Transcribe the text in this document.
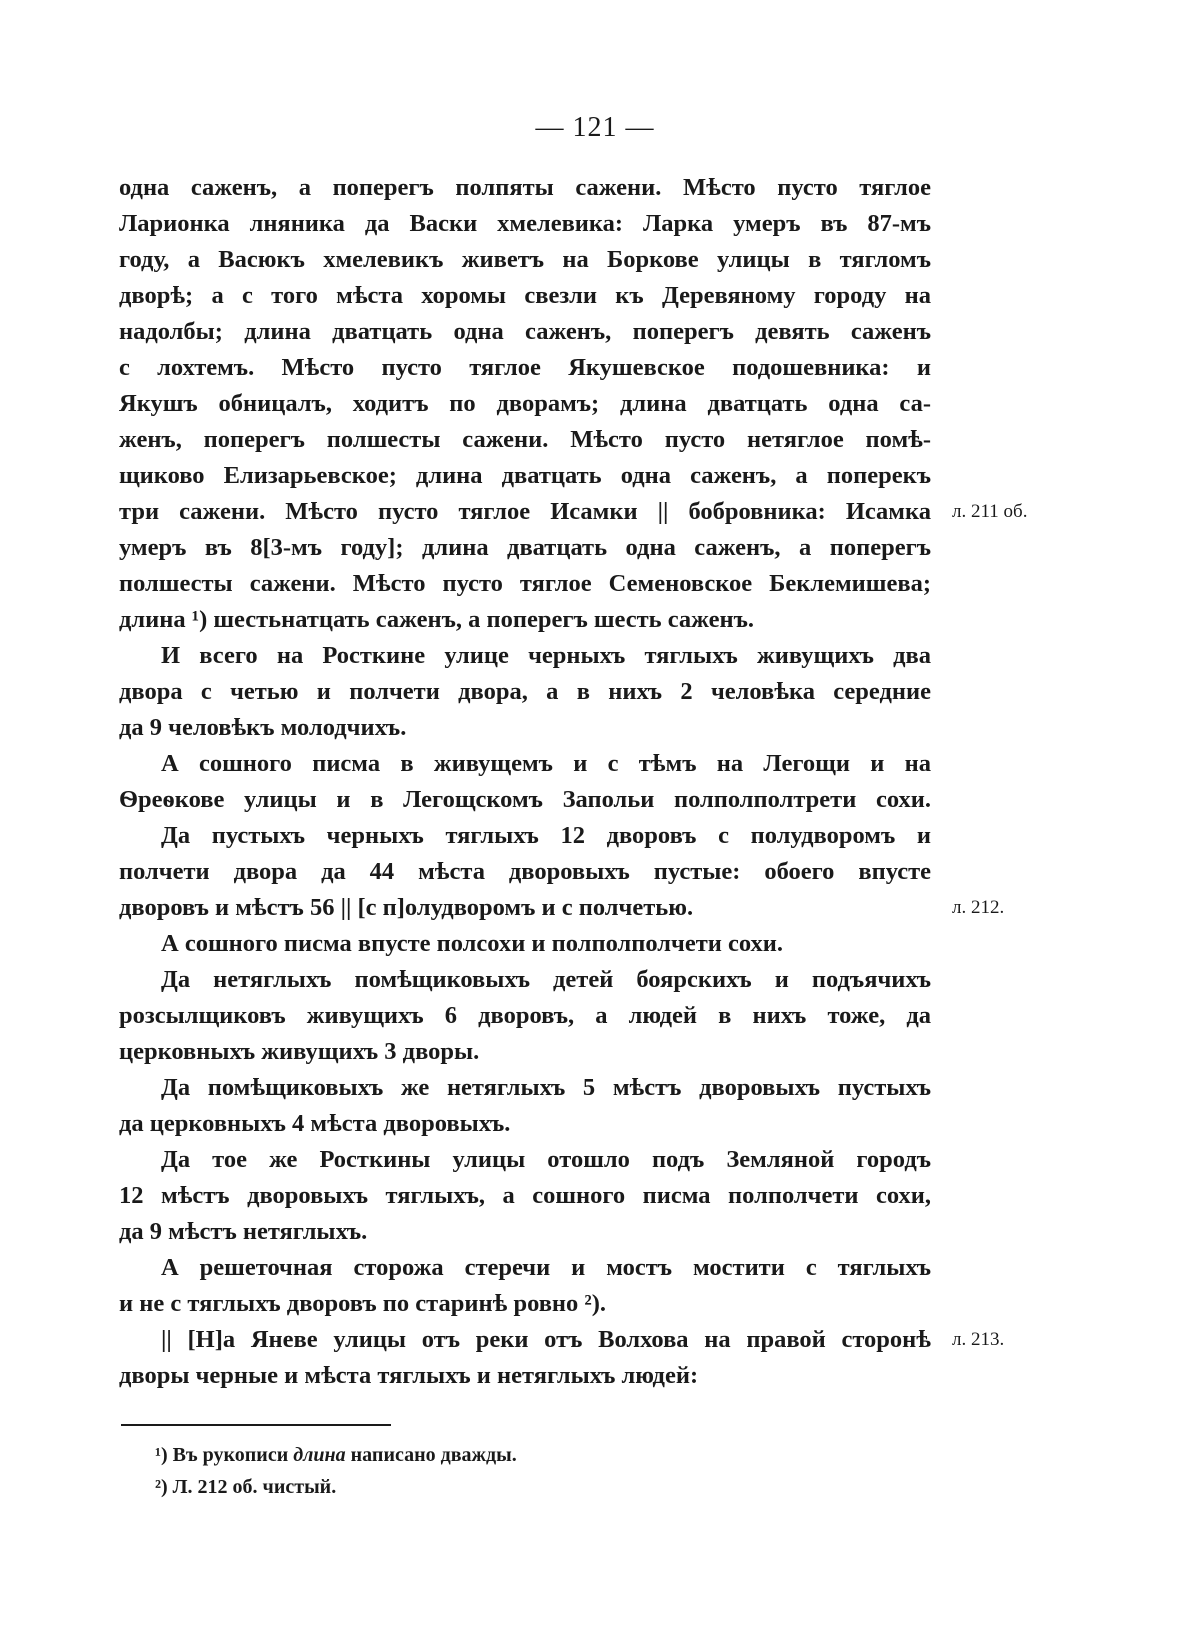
— 121 —
одна саженъ, а поперегъ полпяты сажени. Мѣсто пусто тяглое
Ларионка лняника да Васки хмелевика: Ларка умеръ въ 87-мъ
году, а Васюкъ хмелевикъ живетъ на Боркове улицы в тягломъ
дворѣ; а с того мѣста хоромы свезли къ Деревяному городу на
надолбы; длина дватцать одна саженъ, поперегъ девять саженъ
с лохтемъ. Мѣсто пусто тяглое Якушевское подошевника: и
Якушъ обницалъ, ходитъ по дворамъ; длина дватцать одна са-
женъ, поперегъ полшесты сажени. Мѣсто пусто нетяглое помѣ-
щиково Елизарьевское; длина дватцать одна саженъ, а поперекъ
три сажени. Мѣсто пусто тяглое Исамки || бобровника: Исамка л. 211 об.
умеръ въ 8[3-мъ году]; длина дватцать одна саженъ, а поперегъ
полшесты сажени. Мѣсто пусто тяглое Семеновское Беклемишева;
длина ¹) шестьнатцать саженъ, а поперегъ шесть саженъ.
И всего на Росткине улице черныхъ тяглыхъ живущихъ два
двора с четью и полчети двора, а в нихъ 2 человѣка середние
да 9 человѣкъ молодчихъ.
А сошного писма в живущемъ и с тѣмъ на Легощи и на
Ѳреѳкове улицы и в Легощскомъ Запольи полполполтрети сохи.
Да пустыхъ черныхъ тяглыхъ 12 дворовъ с полудворомъ и
полчети двора да 44 мѣста дворовыхъ пустые: обоего впусте
дворовъ и мѣстъ 56 || [с п]олудворомъ и с полчетью.	л. 212.
А сошного писма впусте полсохи и полполполчети сохи.
Да нетяглыхъ помѣщиковыхъ детей боярскихъ и подъячихъ
розсылщиковъ живущихъ 6 дворовъ, а людей в нихъ тоже, да
церковныхъ живущихъ 3 дворы.
Да помѣщиковыхъ же нетяглыхъ 5 мѣстъ дворовыхъ пустыхъ
да церковныхъ 4 мѣста дворовыхъ.
Да тое же Росткины улицы отошло подъ Земляной городъ
12 мѣстъ дворовыхъ тяглыхъ, а сошного писма полполчети сохи,
да 9 мѣстъ нетяглыхъ.
А решеточная сторожа стеречи и мостъ мостити с тяглыхъ
и не с тяглыхъ дворовъ по старинѣ ровно ²).
|| [Н]а Яневе улицы отъ реки отъ Волхова на правой сторонѣ л. 213.
дворы черные и мѣста тяглыхъ и нетяглыхъ людей:
¹) Въ рукописи длина написано дважды.
²) Л. 212 об. чистый.
